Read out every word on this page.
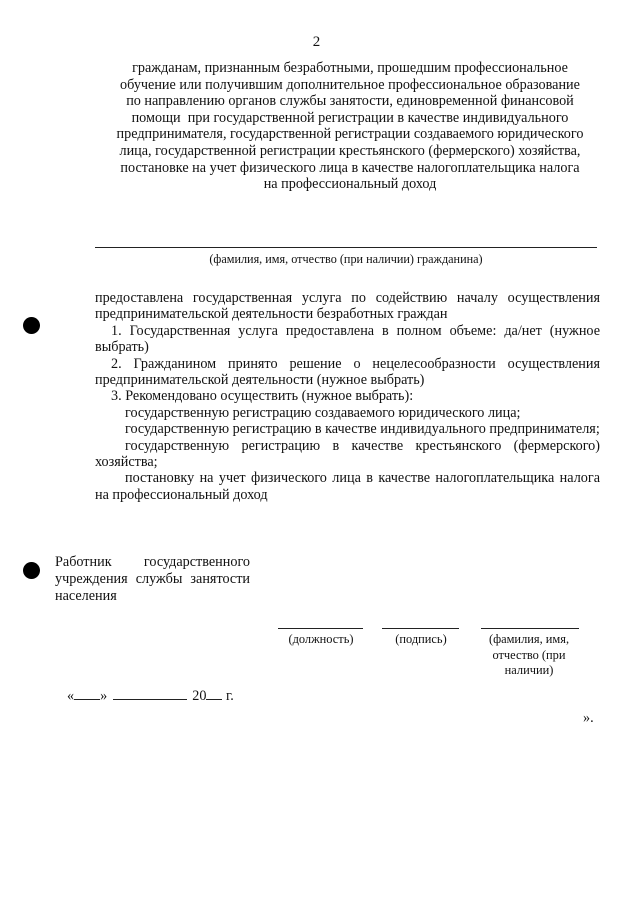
2
гражданам, признанным безработными, прошедшим профессиональное
обучение или получившим дополнительное профессиональное образование
по направлению органов службы занятости, единовременной финансовой
помощи  при государственной регистрации в качестве индивидуального
предпринимателя, государственной регистрации создаваемого юридического
лица, государственной регистрации крестьянского (фермерского) хозяйства,
постановке на учет физического лица в качестве налогоплательщика налога
на профессиональный доход
(фамилия, имя, отчество (при наличии) гражданина)

предоставлена государственная услуга по содействию началу осуществления предпринимательской деятельности безработных граждан

1. Государственная услуга предоставлена в полном объеме: да/нет (нужное выбрать)

2. Гражданином принято решение о нецелесообразности осуществления предпринимательской деятельности (нужное выбрать)

3. Рекомендовано осуществить (нужное выбрать):

государственную регистрацию создаваемого юридического лица;

государственную регистрацию в качестве индивидуального предпринимателя;

государственную регистрацию в качестве крестьянского (фермерского) хозяйства;

постановку на учет физического лица в качестве налогоплательщика налога на профессиональный доход

Работник государственного учреждения службы занятости населения

(должность)	(подпись)	(фамилия, имя,
отчество (при
наличии)
« »	20 г.
».
